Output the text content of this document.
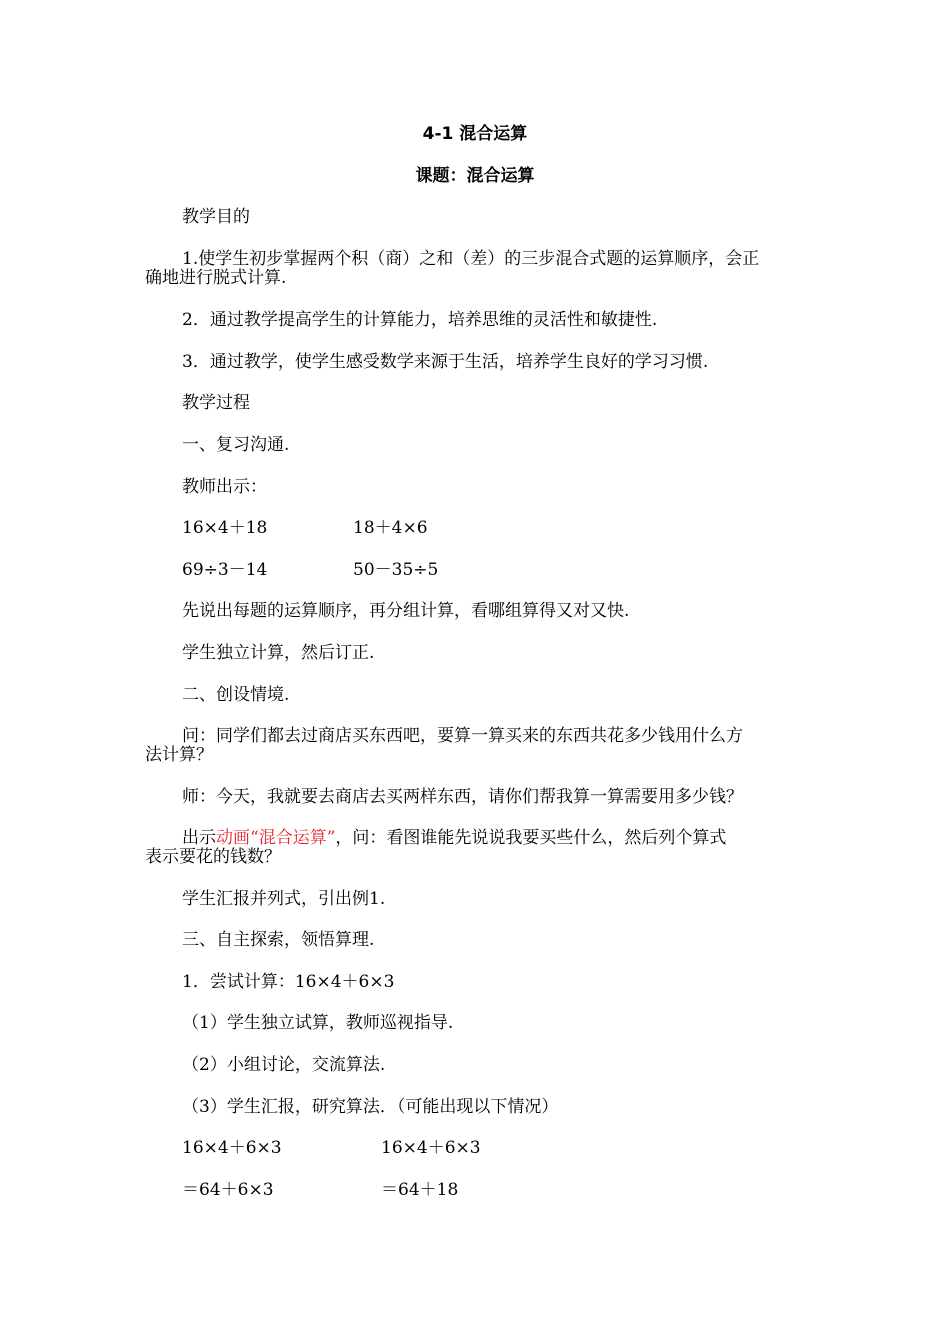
4-1 混合运算
课题：混合运算
教学目的
1.使学生初步掌握两个积（商）之和（差）的三步混合式题的运算顺序，会正
确地进行脱式计算.
2．通过教学提高学生的计算能力，培养思维的灵活性和敏捷性.
3．通过教学，使学生感受数学来源于生活，培养学生良好的学习习惯.
教学过程
一、复习沟通.
教师出示：
16×4＋18	18＋4×6
69÷3－14	50－35÷5
先说出每题的运算顺序，再分组计算，看哪组算得又对又快.
学生独立计算，然后订正.
二、创设情境.
问：同学们都去过商店买东西吧，要算一算买来的东西共花多少钱用什么方
法计算？
师：今天，我就要去商店去买两样东西，请你们帮我算一算需要用多少钱？
出示动画“混合运算”，问：看图谁能先说说我要买些什么，然后列个算式
表示要花的钱数？
学生汇报并列式，引出例1.
三、自主探索，领悟算理.
1．尝试计算：16×4＋6×3
（1）学生独立试算，教师巡视指导.
（2）小组讨论，交流算法.
（3）学生汇报，研究算法．（可能出现以下情况）
16×4＋6×3	16×4＋6×3
＝64＋6×3	＝64＋18
